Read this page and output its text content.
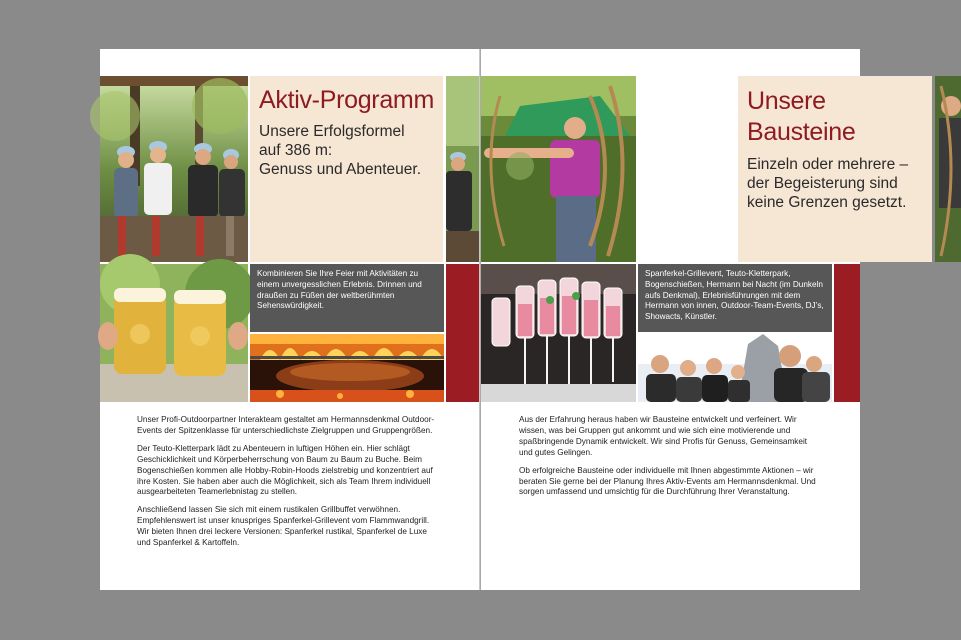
Aktiv-Programm
Unsere Erfolgsformel
auf 386 m:
Genuss und Abenteuer.
Kombinieren Sie Ihre Feier mit Aktivitäten zu einem unvergesslichen Erlebnis. Drinnen und draußen zu Füßen der weltberühmten Sehenswürdigkeit.

Unser Profi-Outdoorpartner Interakteam gestaltet am Hermannsdenkmal Outdoor-Events der Spitzenklasse für unterschiedlichste Zielgruppen und Gruppengrößen.

Der Teuto-Kletterpark lädt zu Abenteuern in luftigen Höhen ein. Hier schlägt Geschicklichkeit und Körperbeherrschung von Baum zu Baum zu Buche. Beim Bogenschießen kommen alle Hobby-Robin-Hoods zielstrebig und konzentriert auf ihre Kosten. Sie haben aber auch die Möglichkeit, sich als Team Ihrem individuell ausgearbeiteten Teamerlebnistag zu stellen.

Anschließend lassen Sie sich mit einem rustikalen Grillbuffet verwöhnen. Empfehlenswert ist unser knuspriges Spanferkel-Grillevent vom Flammwandgrill. Wir bieten Ihnen drei leckere Versionen: Spanferkel rustikal, Spanferkel de Luxe und Spanferkel & Kartoffeln.

Unsere
Bausteine
Einzeln oder mehrere –
der Begeisterung sind
keine Grenzen gesetzt.
Spanferkel-Grillevent, Teuto-Kletterpark, Bogenschießen, Hermann bei Nacht (im Dunkeln aufs Denkmal), Erlebnisführungen mit dem Hermann von innen, Outdoor-Team-Events, DJ’s, Showacts, Künstler.

Aus der Erfahrung heraus haben wir Bausteine entwickelt und verfeinert. Wir wissen, was bei Gruppen gut ankommt und wie sich eine motivierende und spaßbringende Dynamik entwickelt. Wir sind Profis für Genuss, Gemeinsamkeit und gutes Gelingen.

Ob erfolgreiche Bausteine oder individuelle mit Ihnen abgestimmte Aktionen – wir beraten Sie gerne bei der Planung Ihres Aktiv-Events am Hermannsdenkmal. Und sorgen umfassend und umsichtig für die Durchführung Ihrer Veranstaltung.
